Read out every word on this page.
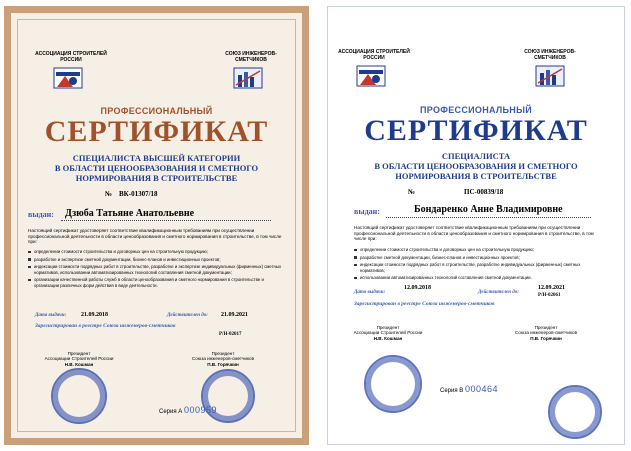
АССОЦИАЦИЯ СТРОИТЕЛЕЙ РОССИИ
СОЮЗ ИНЖЕНЕРОВ-СМЕТЧИКОВ
ПРОФЕССИОНАЛЬНЫЙ
СЕРТИФИКАТ
СПЕЦИАЛИСТА ВЫСШЕЙ КАТЕГОРИИ
В ОБЛАСТИ ЦЕНООБРАЗОВАНИЯ И СМЕТНОГО
НОРМИРОВАНИЯ В СТРОИТЕЛЬСТВЕ
№ ВК-01307/18
выдан: Дзюба Татьяне Анатольевне
Настоящий сертификат удостоверяет соответствие квалификационным требованиям при осуществлении профессиональной деятельности в области ценообразования и сметного нормирования в строительстве, в том числе при:
определении стоимости строительства и договорных цен на строительную продукцию;
разработке и экспертизе сметной документации, бизнес-планов и инвестиционных проектов;
индексации стоимости подрядных работ в строительстве, разработке и экспертизе индивидуальных (фирменных) сметных нормативов, использовании автоматизированных технологий составления сметной документации;
организации качественной работы служб в области ценообразования и сметного нормирования в строительстве и организации различных форм действия в виде деятельности.
Дата выдачи: 21.09.2018	Действителен до: 21.09.2021
Зарегистрирован в реестре Союза инженеров-сметчиков
Р/Н-02017
Президент
Ассоциации Строителей России
Н.В. Кошман
Президент
Союза инженеров-сметчиков
П.В. Горячкин
Серия А 000959
АССОЦИАЦИЯ СТРОИТЕЛЕЙ РОССИИ
СОЮЗ ИНЖЕНЕРОВ-СМЕТЧИКОВ
ПРОФЕССИОНАЛЬНЫЙ
СЕРТИФИКАТ
СПЕЦИАЛИСТА
В ОБЛАСТИ ЦЕНООБРАЗОВАНИЯ И СМЕТНОГО
НОРМИРОВАНИЯ В СТРОИТЕЛЬСТВЕ
№	ПС-00839/18
выдан:	Бондаренко Анне Владимировне
Настоящий сертификат удостоверяет соответствие квалификационным требованиям при осуществлении профессиональной деятельности в области ценообразования и сметного нормирования в строительстве, в том числе при:
определении стоимости строительства и договорных цен на строительную продукцию;
разработке сметной документации, бизнес-планов и инвестиционных проектов;
индексации стоимости подрядных работ в строительстве, разработке индивидуальных (фирменных) сметных нормативов;
использовании автоматизированных технологий составления сметной документации.
Дата выдачи:
12.09.2018
Действителен до:
12.09.2021
Зарегистрирован в реестре Союза инженеров-сметчиков
Р/Н-02061
Президент
Ассоциации Строителей России
Н.В. Кошман
Президент
Союза инженеров-сметчиков
П.В. Горячкин
Серия В 000464
